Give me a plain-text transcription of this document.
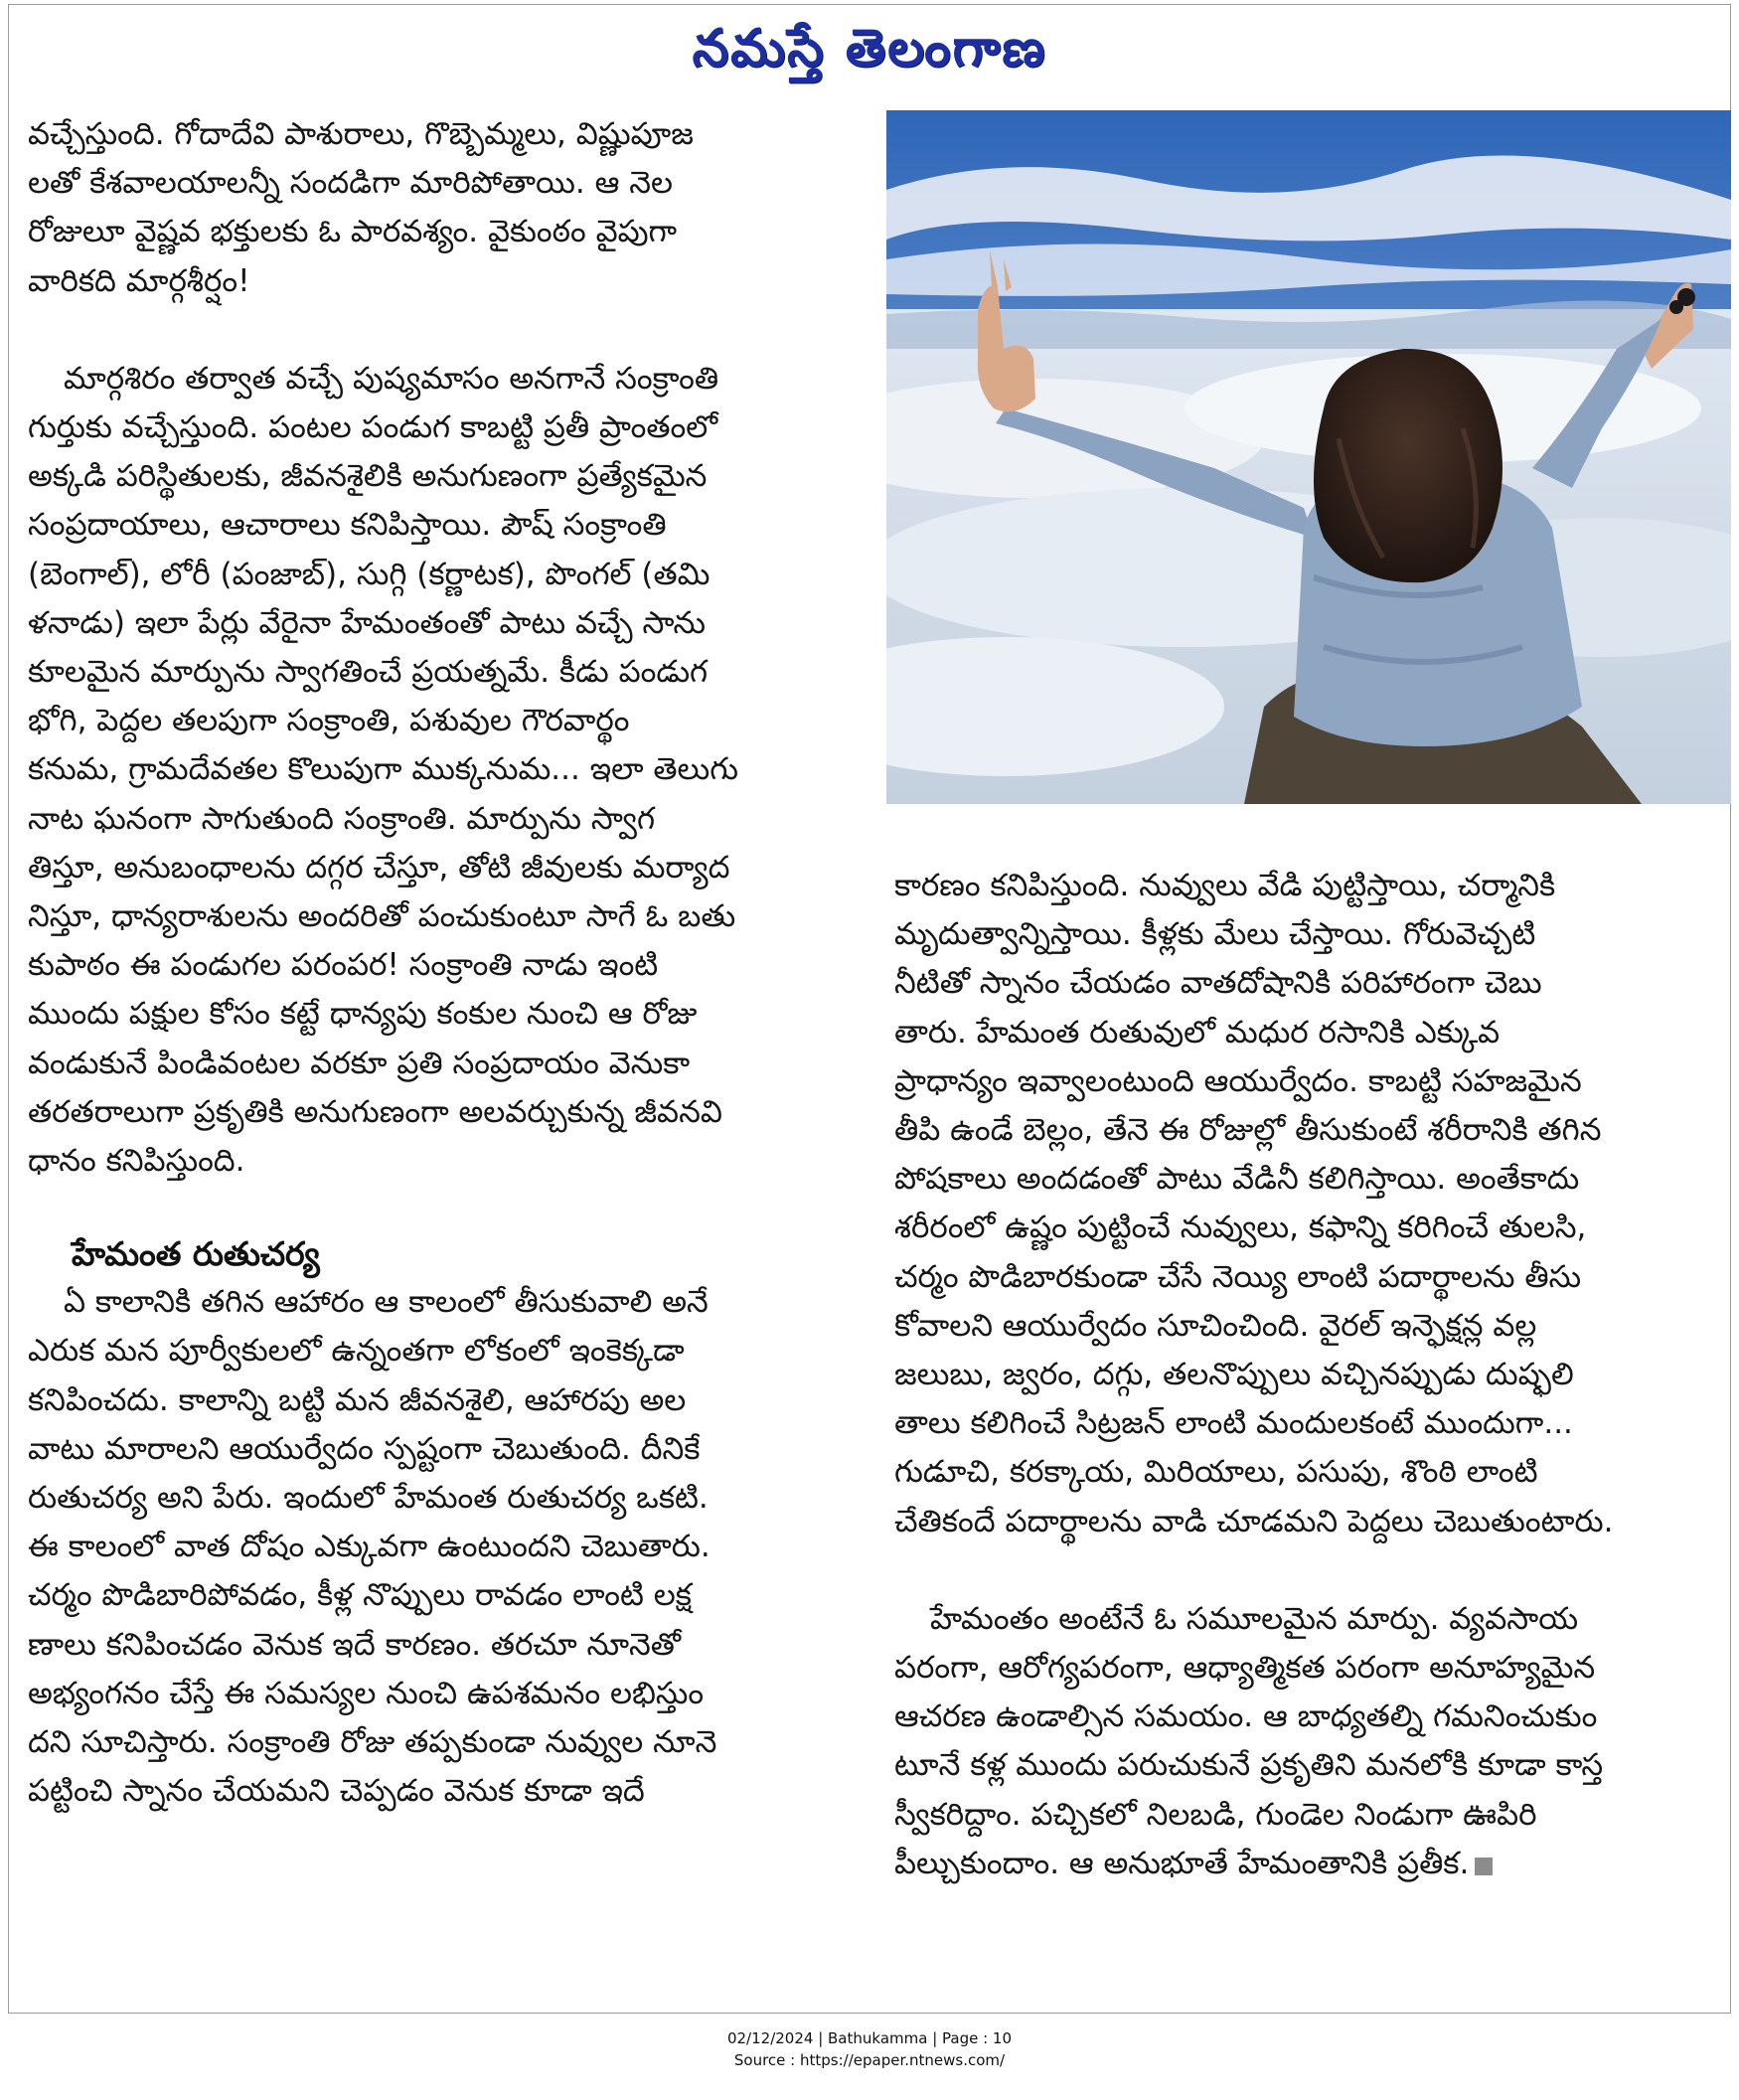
నమస్తే తెలంగాణ

వచ్చేస్తుంది. గోదాదేవి పాశురాలు, గొబ్బెమ్మలు, విష్ణుపూజ
లతో కేశవాలయాలన్నీ సందడిగా మారిపోతాయి. ఆ నెల
రోజులూ వైష్ణవ భక్తులకు ఓ పారవశ్యం. వైకుంఠం వైపుగా
వారికది మార్గశీర్షం!

మార్గశిరం తర్వాత వచ్చే పుష్యమాసం అనగానే సంక్రాంతి
గుర్తుకు వచ్చేస్తుంది. పంటల పండుగ కాబట్టి ప్రతీ ప్రాంతంలో
అక్కడి పరిస్థితులకు, జీవనశైలికి అనుగుణంగా ప్రత్యేకమైన
సంప్రదాయాలు, ఆచారాలు కనిపిస్తాయి. పౌష్ సంక్రాంతి
(బెంగాల్), లోరీ (పంజాబ్), సుగ్గి (కర్ణాటక), పొంగల్ (తమి
ళనాడు) ఇలా పేర్లు వేరైనా హేమంతంతో పాటు వచ్చే సాను
కూలమైన మార్పును స్వాగతించే ప్రయత్నమే. కీడు పండుగ
భోగి, పెద్దల తలపుగా సంక్రాంతి, పశువుల గౌరవార్థం
కనుమ, గ్రామదేవతల కొలుపుగా ముక్కనుమ... ఇలా తెలుగు
నాట ఘనంగా సాగుతుంది సంక్రాంతి. మార్పును స్వాగ
తిస్తూ, అనుబంధాలను దగ్గర చేస్తూ, తోటి జీవులకు మర్యాద
నిస్తూ, ధాన్యరాశులను అందరితో పంచుకుంటూ సాగే ఓ బతు
కుపాఠం ఈ పండుగల పరంపర! సంక్రాంతి నాడు ఇంటి
ముందు పక్షుల కోసం కట్టే ధాన్యపు కంకుల నుంచి ఆ రోజు
వండుకునే పిండివంటల వరకూ ప్రతి సంప్రదాయం వెనుకా
తరతరాలుగా ప్రకృతికి అనుగుణంగా అలవర్చుకున్న జీవనవి
ధానం కనిపిస్తుంది.

హేమంత రుతుచర్య

ఏ కాలానికి తగిన ఆహారం ఆ కాలంలో తీసుకువాలి అనే
ఎరుక మన పూర్వీకులలో ఉన్నంతగా లోకంలో ఇంకెక్కడా
కనిపించదు. కాలాన్ని బట్టి మన జీవనశైలి, ఆహారపు అల
వాటు మారాలని ఆయుర్వేదం స్పష్టంగా చెబుతుంది. దీనికే
రుతుచర్య అని పేరు. ఇందులో హేమంత రుతుచర్య ఒకటి.
ఈ కాలంలో వాత దోషం ఎక్కువగా ఉంటుందని చెబుతారు.
చర్మం పొడిబారిపోవడం, కీళ్ల నొప్పులు రావడం లాంటి లక్ష
ణాలు కనిపించడం వెనుక ఇదే కారణం. తరచూ నూనెతో
అభ్యంగనం చేస్తే ఈ సమస్యల నుంచి ఉపశమనం లభిస్తుం
దని సూచిస్తారు. సంక్రాంతి రోజు తప్పకుండా నువ్వుల నూనె
పట్టించి స్నానం చేయమని చెప్పడం వెనుక కూడా ఇదే

కారణం కనిపిస్తుంది. నువ్వులు వేడి పుట్టిస్తాయి, చర్మానికి
మృదుత్వాన్నిస్తాయి. కీళ్లకు మేలు చేస్తాయి. గోరువెచ్చటి
నీటితో స్నానం చేయడం వాతదోషానికి పరిహారంగా చెబు
తారు. హేమంత రుతువులో మధుర రసానికి ఎక్కువ
ప్రాధాన్యం ఇవ్వాలంటుంది ఆయుర్వేదం. కాబట్టి సహజమైన
తీపి ఉండే బెల్లం, తేనె ఈ రోజుల్లో తీసుకుంటే శరీరానికి తగిన
పోషకాలు అందడంతో పాటు వేడినీ కలిగిస్తాయి. అంతేకాదు
శరీరంలో ఉష్ణం పుట్టించే నువ్వులు, కఫాన్ని కరిగించే తులసి,
చర్మం పొడిబారకుండా చేసే నెయ్యి లాంటి పదార్థాలను తీసు
కోవాలని ఆయుర్వేదం సూచించింది. వైరల్ ఇన్ఫెక్షన్ల వల్ల
జలుబు, జ్వరం, దగ్గు, తలనొప్పులు వచ్చినప్పుడు దుష్ఫలి
తాలు కలిగించే సిట్రజన్ లాంటి మందులకంటే ముందుగా...
గుడూచి, కరక్కాయ, మిరియాలు, పసుపు, శొంఠి లాంటి
చేతికందే పదార్థాలను వాడి చూడమని పెద్దలు చెబుతుంటారు.

హేమంతం అంటేనే ఓ సమూలమైన మార్పు. వ్యవసాయ
పరంగా, ఆరోగ్యపరంగా, ఆధ్యాత్మికత పరంగా అనూహ్యమైన
ఆచరణ ఉండాల్సిన సమయం. ఆ బాధ్యతల్ని గమనించుకుం
టూనే కళ్ల ముందు పరుచుకునే ప్రకృతిని మనలోకి కూడా కాస్త
స్వీకరిద్దాం. పచ్చికలో నిలబడి, గుండెల నిండుగా ఊపిరి
పీల్చుకుందాం. ఆ అనుభూతే హేమంతానికి ప్రతీక.

02/12/2024 | Bathukamma | Page : 10
Source : https://epaper.ntnews.com/
